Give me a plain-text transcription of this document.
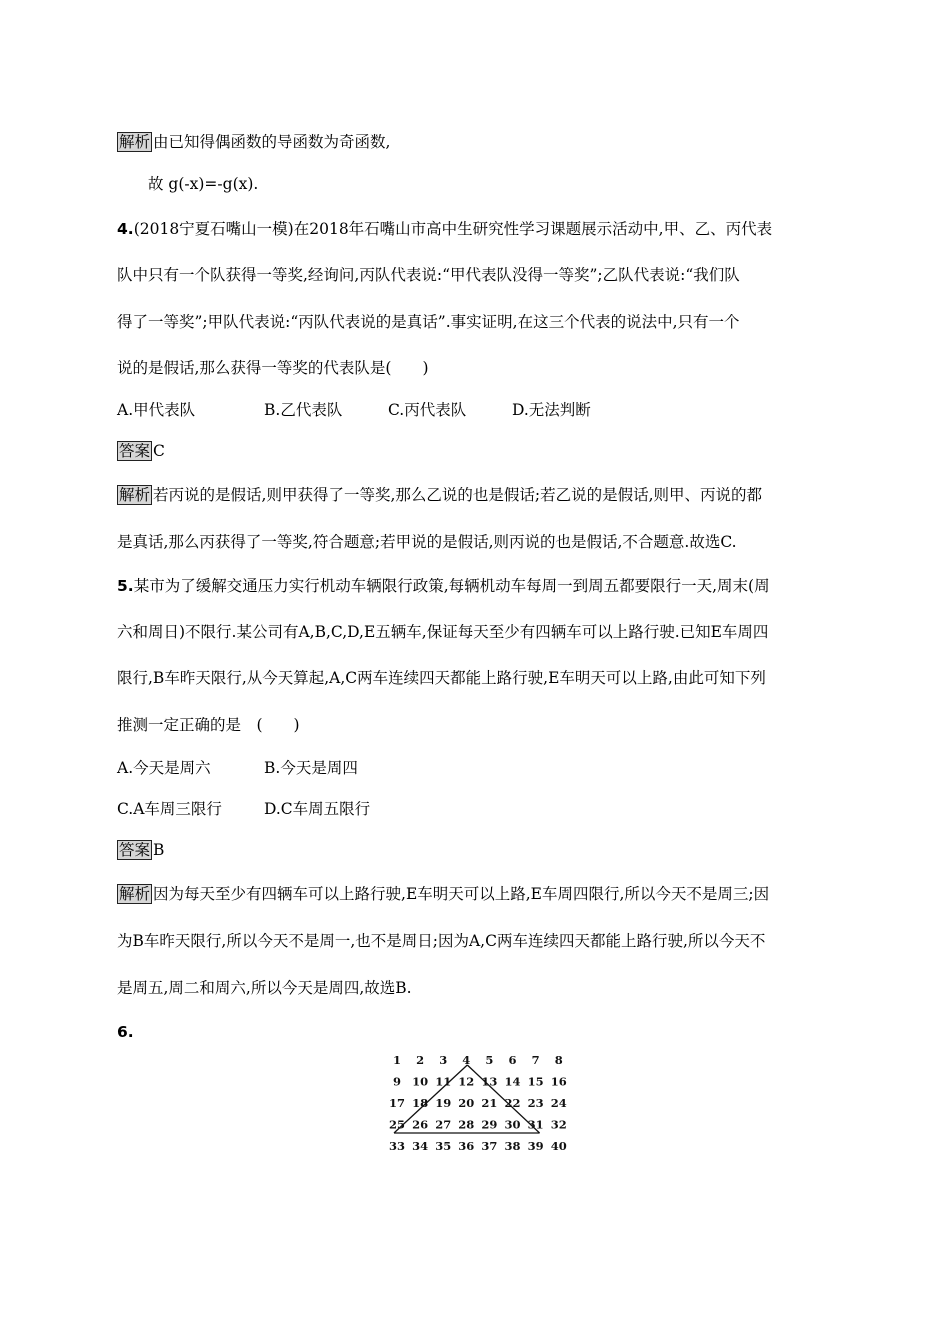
解析 由已知得偶函数的导函数为奇函数,
故 g(-x)=-g(x).
4.(2018宁夏石嘴山一模)在2018年石嘴山市高中生研究性学习课题展示活动中,甲、乙、丙代表
队中只有一个队获得一等奖,经询问,丙队代表说:“甲代表队没得一等奖”;乙队代表说:“我们队
得了一等奖”;甲队代表说:“丙队代表说的是真话”.事实证明,在这三个代表的说法中,只有一个
说的是假话,那么获得一等奖的代表队是(　　)
A.甲代表队	B.乙代表队	C.丙代表队	D.无法判断
答案 C
解析 若丙说的是假话,则甲获得了一等奖,那么乙说的也是假话;若乙说的是假话,则甲、丙说的都
是真话,那么丙获得了一等奖,符合题意;若甲说的是假话,则丙说的也是假话,不合题意.故选C.
5.某市为了缓解交通压力实行机动车辆限行政策,每辆机动车每周一到周五都要限行一天,周末(周
六和周日)不限行.某公司有A,B,C,D,E五辆车,保证每天至少有四辆车可以上路行驶.已知E车周四
限行,B车昨天限行,从今天算起,A,C两车连续四天都能上路行驶,E车明天可以上路,由此可知下列
推测一定正确的是　(　　)
A.今天是周六	B.今天是周四
C.A车周三限行	D.C车周五限行
答案 B
解析 因为每天至少有四辆车可以上路行驶,E车明天可以上路,E车周四限行,所以今天不是周三;因
为B车昨天限行,所以今天不是周一,也不是周日;因为A,C两车连续四天都能上路行驶,所以今天不
是周五,周二和周六,所以今天是周四,故选B.
6.
1 2 3 4 5 6 7 8
9 10 11 12 13 14 15 16
17 18 19 20 21 22 23 24
25 26 27 28 29 30 31 32
33 34 35 36 37 38 39 40
